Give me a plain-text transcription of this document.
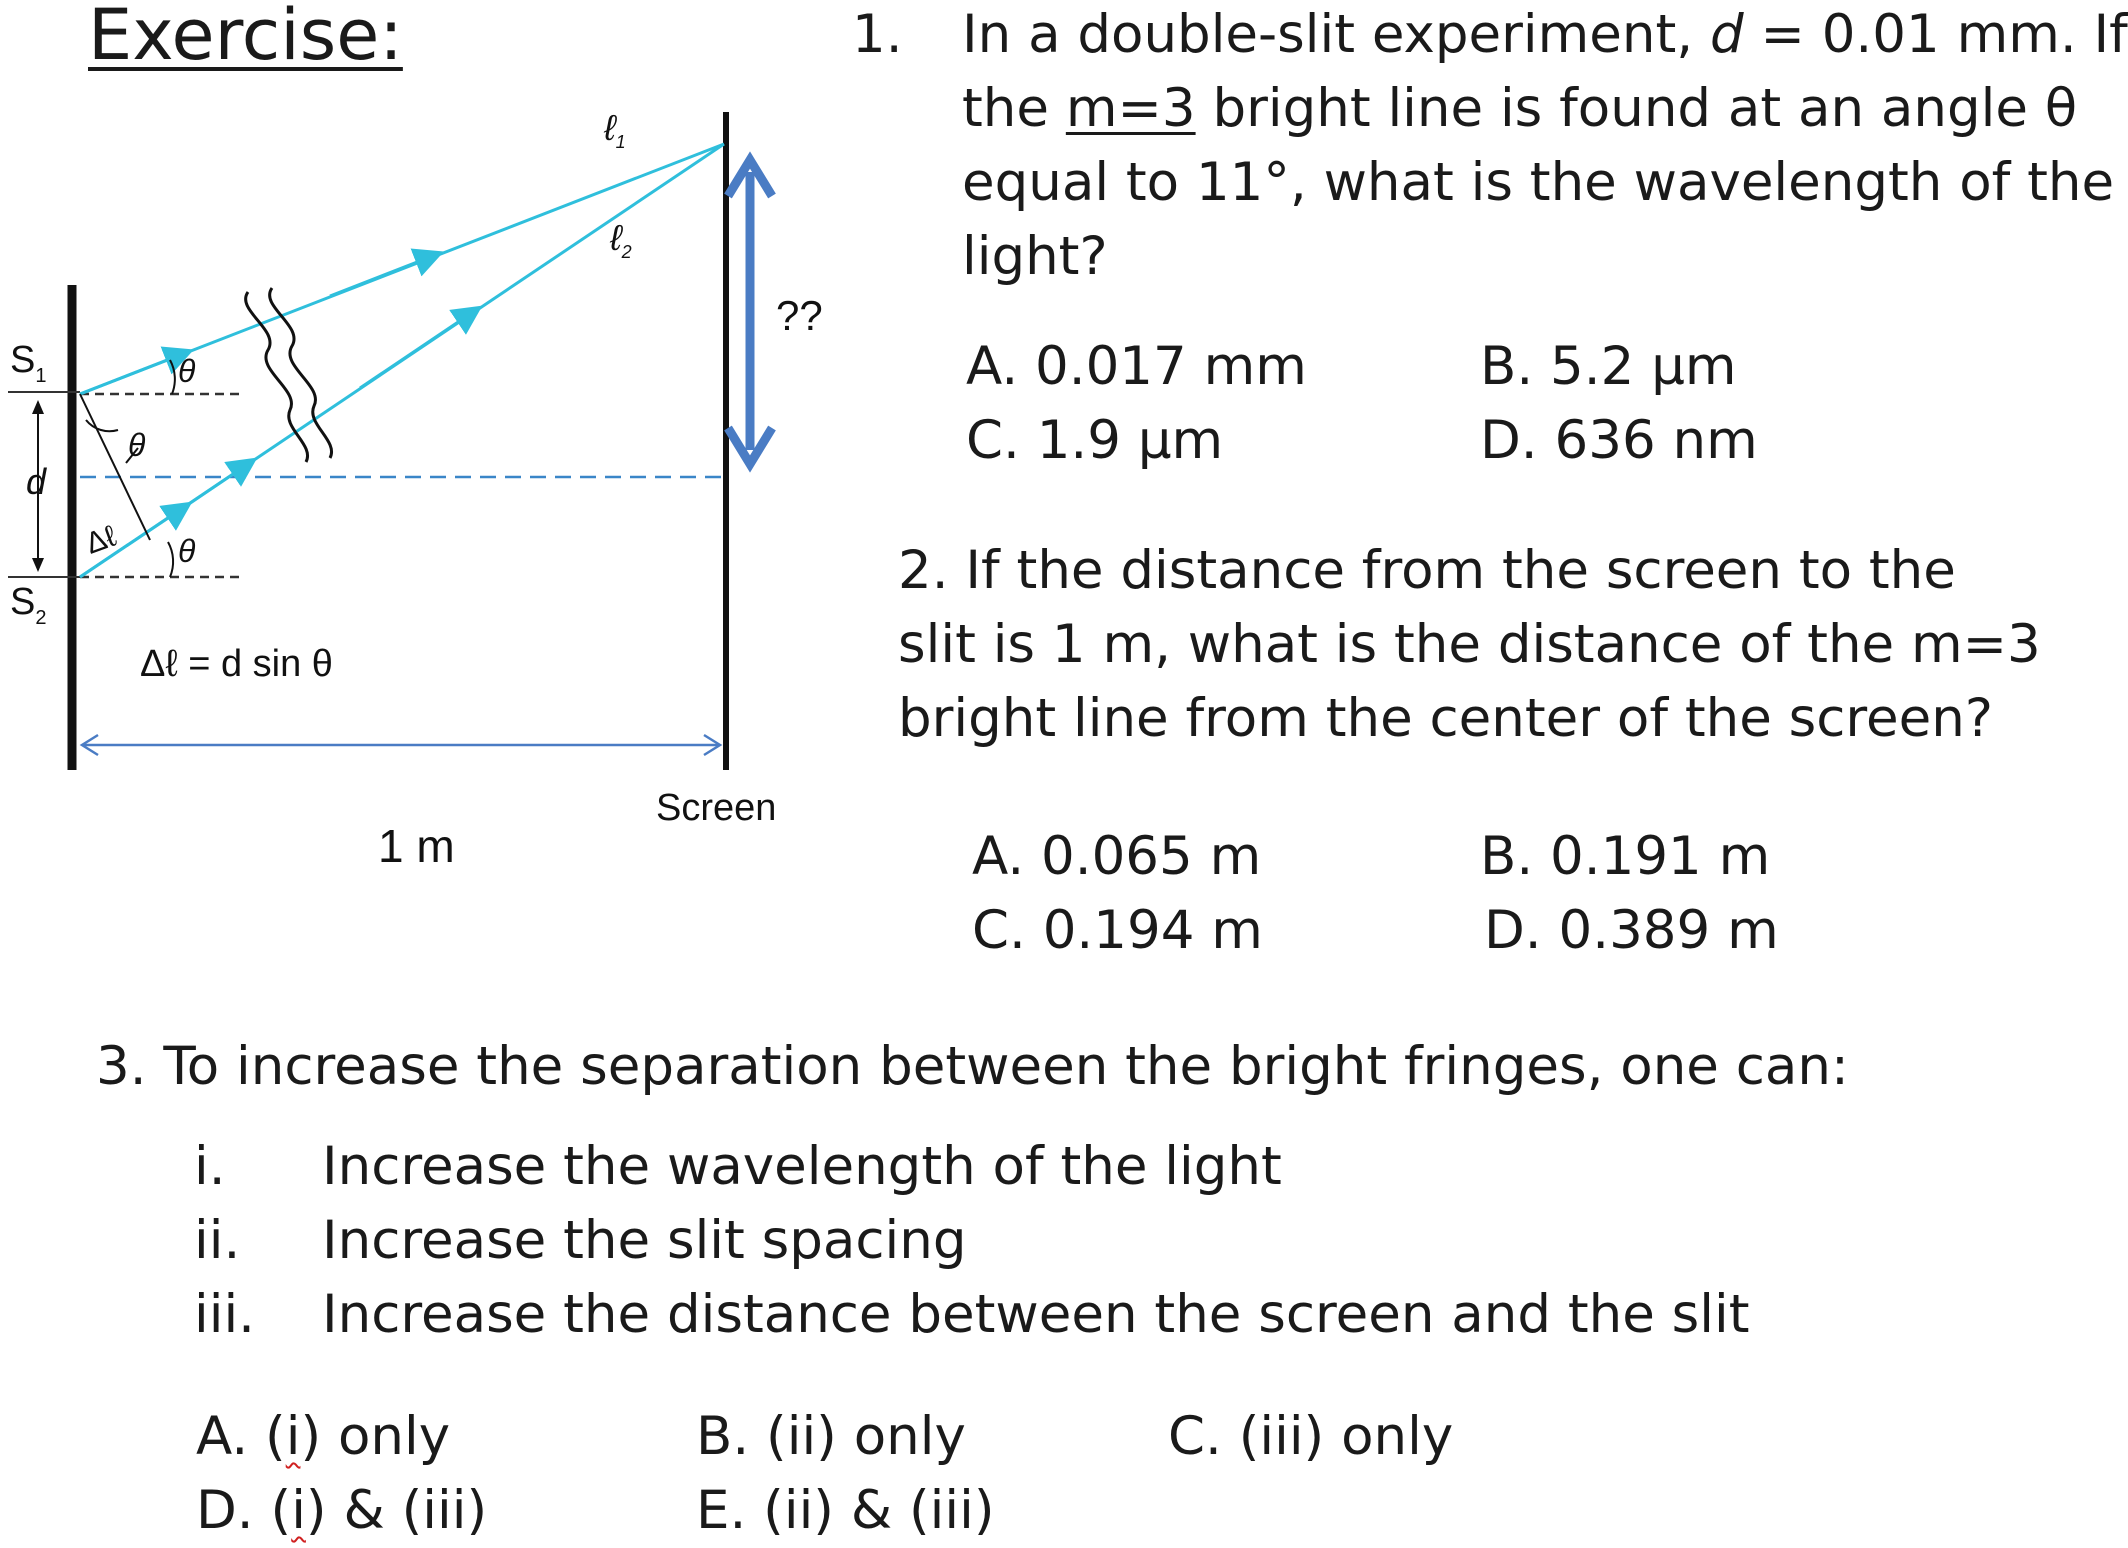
Exercise:
$S_1$
$S_2$
d
θ
θ
θ
Δℓ
ℓ$_1$
ℓ$_2$
Δℓ = d sin θ
??
Screen
1 m
1. In a double-slit experiment, d = 0.01 mm. If
the m=3 bright line is found at an angle θ
equal to 11°, what is the wavelength of the
light?
A. 0.017 mm	B. 5.2 μm
C. 1.9 μm	D. 636 nm
2. If the distance from the screen to the
slit is 1 m, what is the distance of the m=3
bright line from the center of the screen?
A. 0.065 m	B. 0.191 m
C. 0.194 m	D. 0.389 m
3. To increase the separation between the bright fringes, one can:
i. Increase the wavelength of the light
ii. Increase the slit spacing
iii. Increase the distance between the screen and the slit
A. (i) only	B. (ii) only	C. (iii) only
D. (i) & (iii)	E. (ii) & (iii)
